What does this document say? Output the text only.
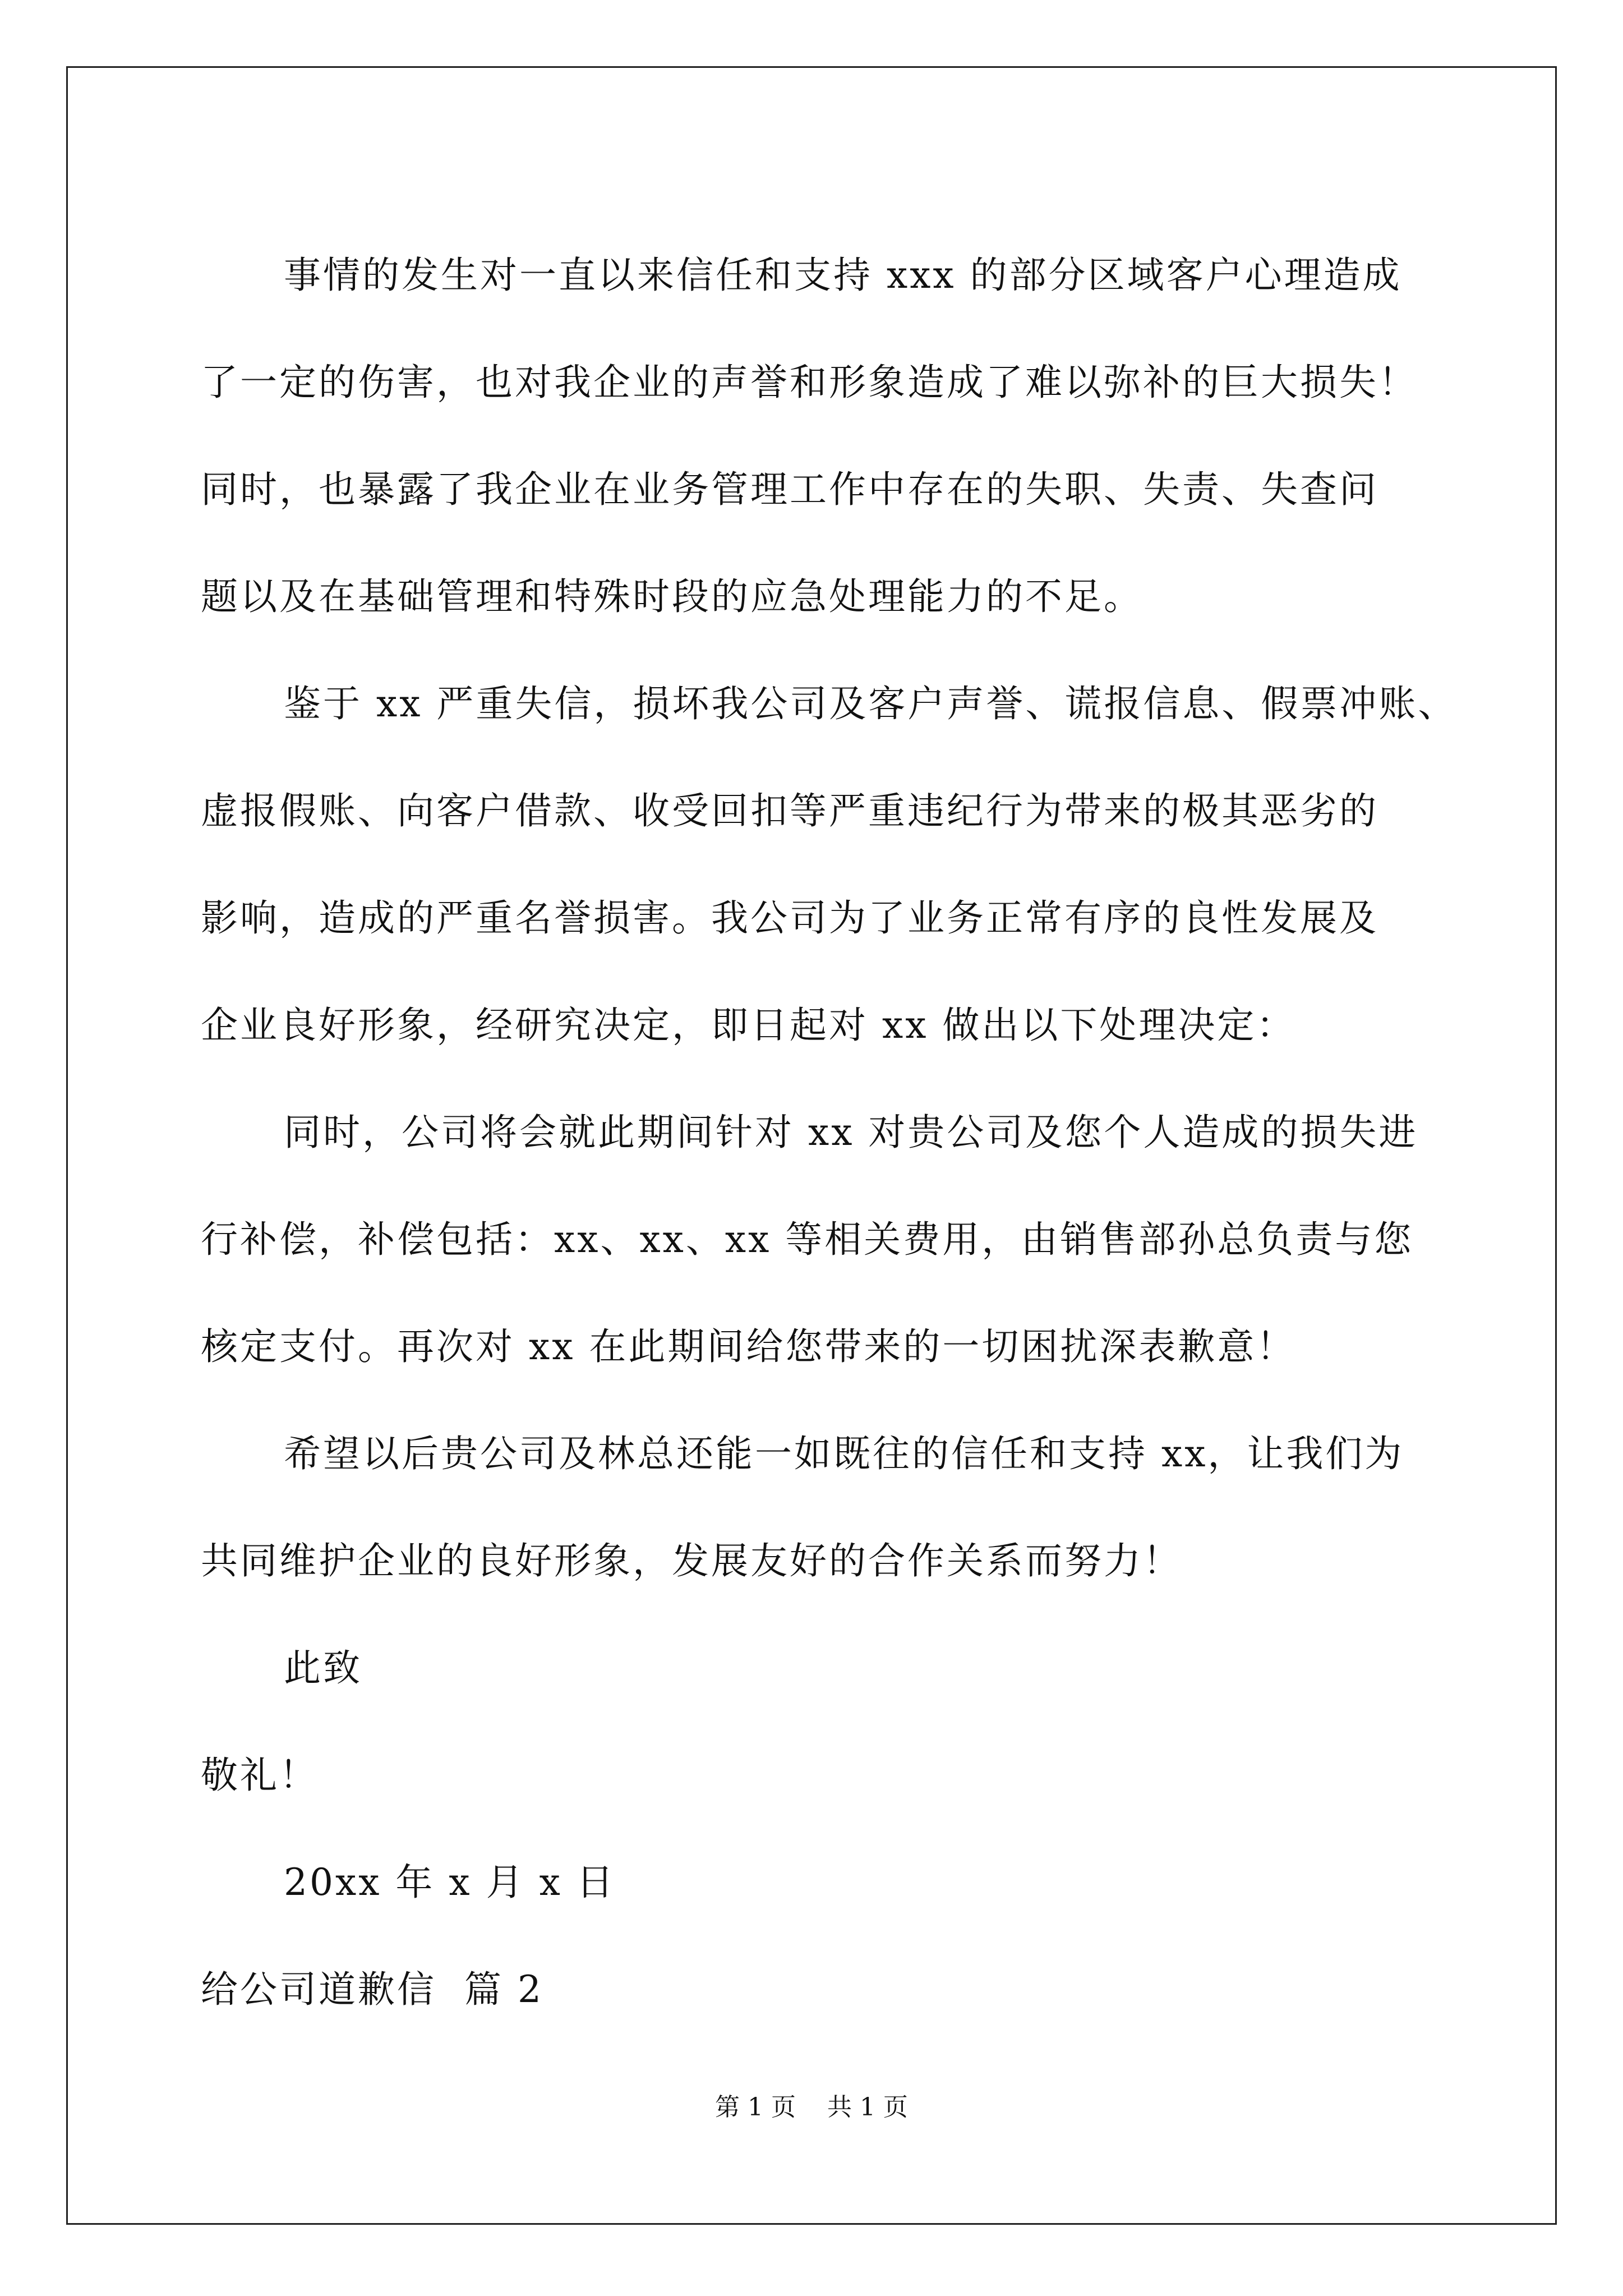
事情的发生对一直以来信任和支持 xxx 的部分区域客户心理造成
了一定的伤害，也对我企业的声誉和形象造成了难以弥补的巨大损失！
同时，也暴露了我企业在业务管理工作中存在的失职、失责、失查问
题以及在基础管理和特殊时段的应急处理能力的不足。

鉴于 xx 严重失信，损坏我公司及客户声誉、谎报信息、假票冲账、
虚报假账、向客户借款、收受回扣等严重违纪行为带来的极其恶劣的
影响，造成的严重名誉损害。我公司为了业务正常有序的良性发展及
企业良好形象，经研究决定，即日起对 xx 做出以下处理决定：

同时，公司将会就此期间针对 xx 对贵公司及您个人造成的损失进
行补偿，补偿包括：xx、xx、xx 等相关费用，由销售部孙总负责与您
核定支付。再次对 xx 在此期间给您带来的一切困扰深表歉意！

希望以后贵公司及林总还能一如既往的信任和支持 xx，让我们为
共同维护企业的良好形象，发展友好的合作关系而努力！

此致

敬礼！

20xx 年 x 月 x 日

给公司道歉信  篇 2

第 1 页    共 1 页
